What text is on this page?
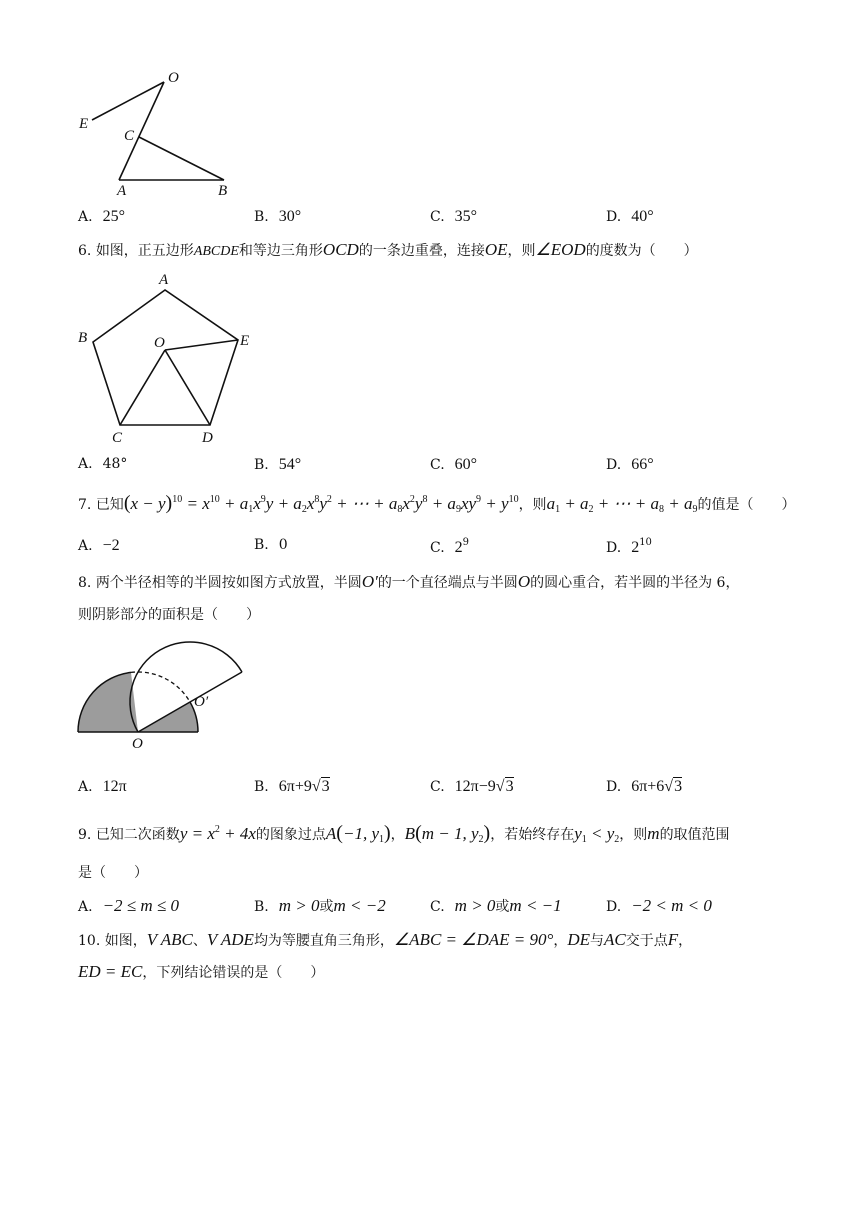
O
E
C
A	B
A. 25°	B. 30°	C. 35°	D. 40°
6. 如图，正五边形ABCDE和等边三角形OCD的一条边重叠，连接OE，则∠EOD的度数为（　　）
A
B	O	E
C	D
A. 48°	B. 54°	C. 60°	D. 66°
7. 已知$(x - y)^{10} = x^{10} + a_1x^9y + a_2x^8y^2$ + ⋯ + $a_8x^2y^8 + a_9xy^9 + y^{10}$，则$a_1 + a_2$ + ⋯ + $a_8 + a_9$的值是（　　）
A. −2	B. 0	C. $2^9$	D. $2^{10}$
8. 两个半径相等的半圆按如图方式放置，半圆O′的一个直径端点与半圆O的圆心重合，若半圆的半径为 6，
则阴影部分的面积是（　　）
O
O′
A. 12π	B. 6π+9√3	C. 12π−9√3	D. 6π+6√3
9. 已知二次函数$y = x^2 + 4x$的图象过点A(−1, $y_1$)，B(m − 1, $y_2$)，若始终存在$y_1 < y_2$，则m的取值范围
是（　　）
A. −2 ≤ m ≤ 0	B. m > 0或m < −2	C. m > 0或m < −1	D. −2 < m < 0
10. 如图，V ABC、V ADE均为等腰直角三角形，∠ABC = ∠DAE = 90°，DE与AC交于点F，
ED = EC，下列结论错误的是（　　）
